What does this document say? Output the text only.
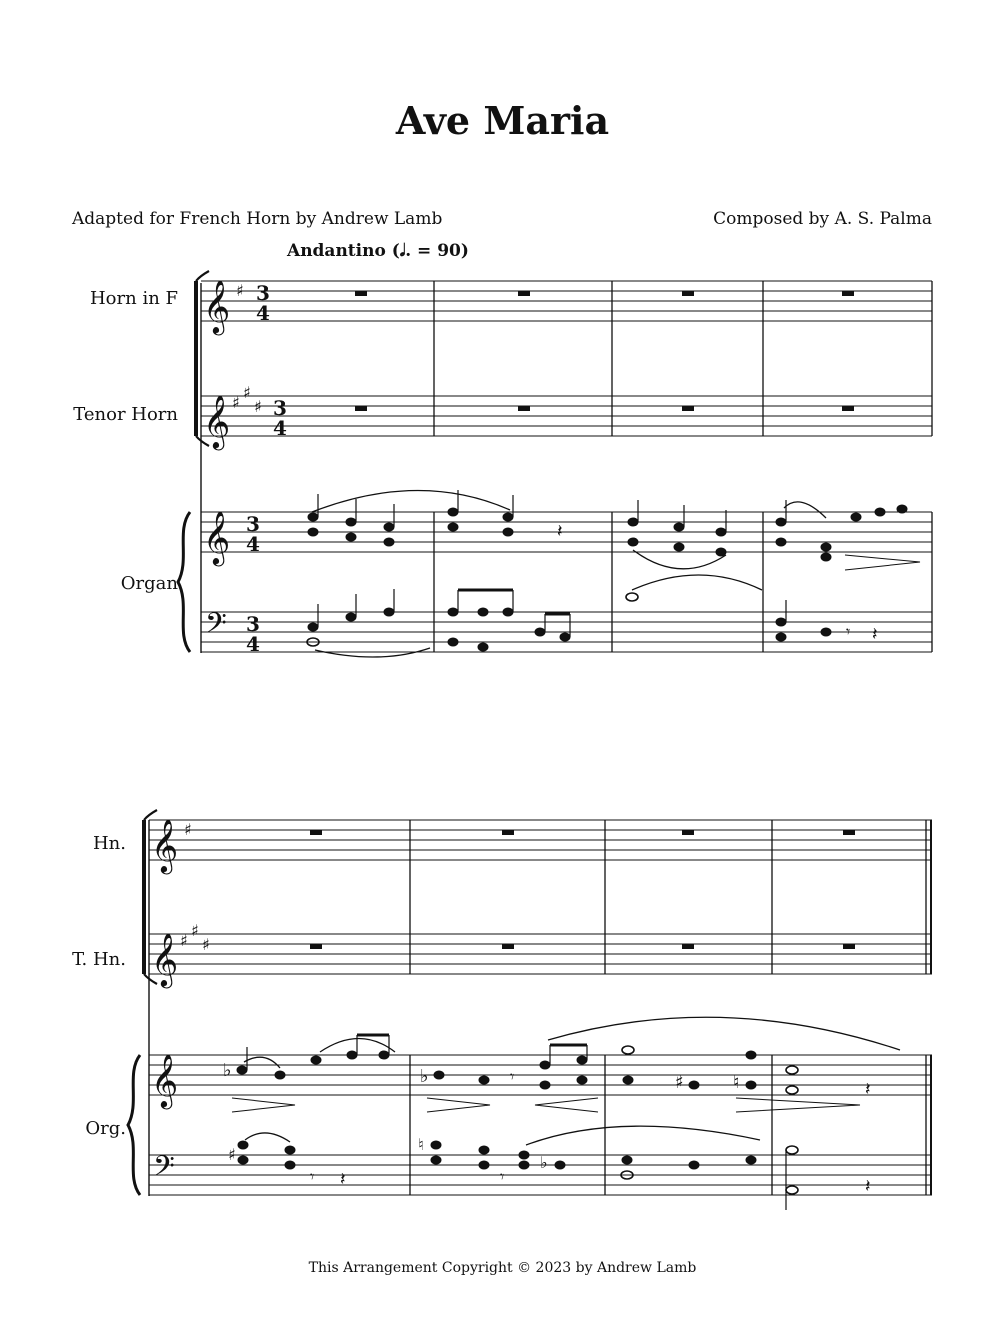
Ave Maria
Adapted for French Horn by Andrew Lamb	Composed by A. S. Palma
Andantino (𝅗𝅥. = 90)
Horn in F
Tenor Horn
Organ
Hn.
T. Hn.
Org.
𝄞
𝄞
𝄞
𝄢
♯
♯
♯
♯
3
4
3
4
3
4
3
4
𝄽
𝄾 𝄽
𝄞
𝄞
𝄞
𝄢
♯
♯
♯
♯
♭	♭	𝄾	♯	♮	𝄽
♯
𝄾 𝄽
♮
𝄾
♭
𝄽
This Arrangement Copyright © 2023 by Andrew Lamb
